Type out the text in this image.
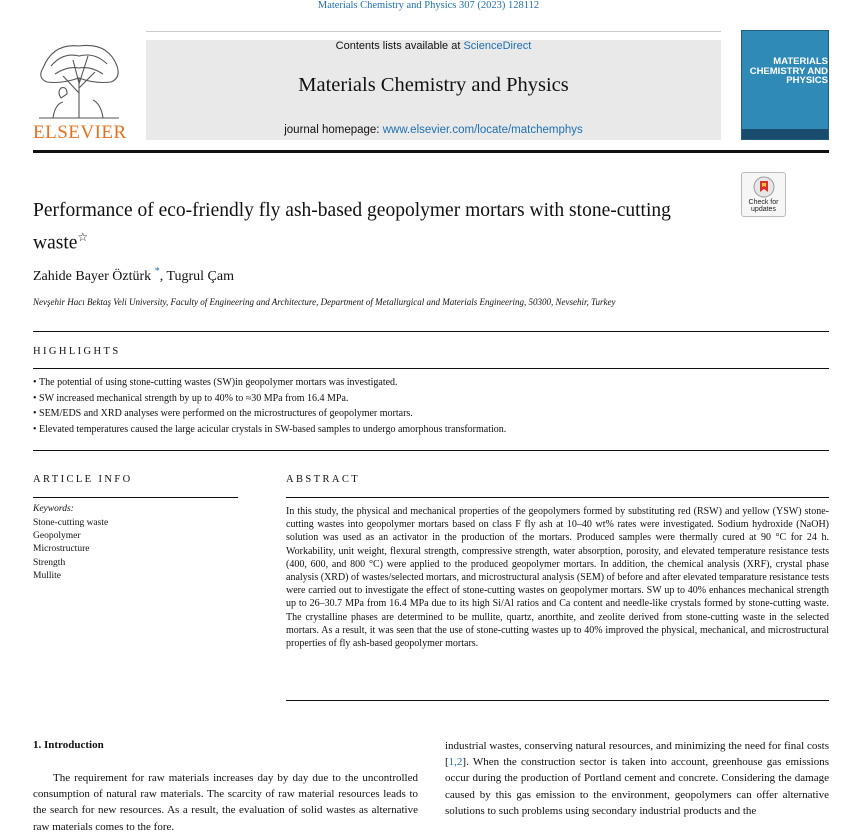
Materials Chemistry and Physics 307 (2023) 128112
ELSEVIER
Contents lists available at ScienceDirect
Materials Chemistry and Physics
journal homepage: www.elsevier.com/locate/matchemphys
MATERIALS CHEMISTRY AND PHYSICS
Check for updates
Performance of eco-friendly fly ash-based geopolymer mortars with stone-cutting waste☆
Zahide Bayer Öztürk *, Tugrul Çam
Nevşehir Hacı Bektaş Veli University, Faculty of Engineering and Architecture, Department of Metallurgical and Materials Engineering, 50300, Nevsehir, Turkey
HIGHLIGHTS
• The potential of using stone-cutting wastes (SW)in geopolymer mortars was investigated.
• SW increased mechanical strength by up to 40% to ≈30 MPa from 16.4 MPa.
• SEM/EDS and XRD analyses were performed on the microstructures of geopolymer mortars.
• Elevated temperatures caused the large acicular crystals in SW-based samples to undergo amorphous transformation.
ARTICLE INFO
Keywords:
Stone-cutting waste
Geopolymer
Microstructure
Strength
Mullite
ABSTRACT

In this study, the physical and mechanical properties of the geopolymers formed by substituting red (RSW) and yellow (YSW) stone-cutting wastes into geopolymer mortars based on class F fly ash at 10–40 wt% rates were investigated. Sodium hydroxide (NaOH) solution was used as an activator in the production of the mortars. Produced samples were thermally cured at 90 °C for 24 h. Workability, unit weight, flexural strength, compressive strength, water absorption, porosity, and elevated temperature resistance tests (400, 600, and 800 °C) were applied to the produced geopolymer mortars. In addition, the chemical analysis (XRF), crystal phase analysis (XRD) of wastes/selected mortars, and microstructural analysis (SEM) of before and after elevated temparature resistance tests were carried out to investigate the effect of stone-cutting wastes on geopolymer mortars. SW up to 40% enhances mechanical strength up to 26–30.7 MPa from 16.4 MPa due to its high Si/Al ratios and Ca content and needle-like crystals formed by stone-cutting waste. The crystalline phases are determined to be mullite, quartz, anorthite, and zeolite derived from stone-cutting waste in the selected mortars. As a result, it was seen that the use of stone-cutting wastes up to 40% improved the physical, mechanical, and microstructural properties of fly ash-based geopolymer mortars.

1. Introduction

The requirement for raw materials increases day by day due to the uncontrolled consumption of natural raw materials. The scarcity of raw material resources leads to the search for new resources. As a result, the evaluation of solid wastes as alternative raw materials comes to the fore.

industrial wastes, conserving natural resources, and minimizing the need for final costs [1,2]. When the construction sector is taken into account, greenhouse gas emissions occur during the production of Portland cement and concrete. Considering the damage caused by this gas emission to the environment, geopolymers can offer alternative solutions to such problems using secondary industrial products and the
